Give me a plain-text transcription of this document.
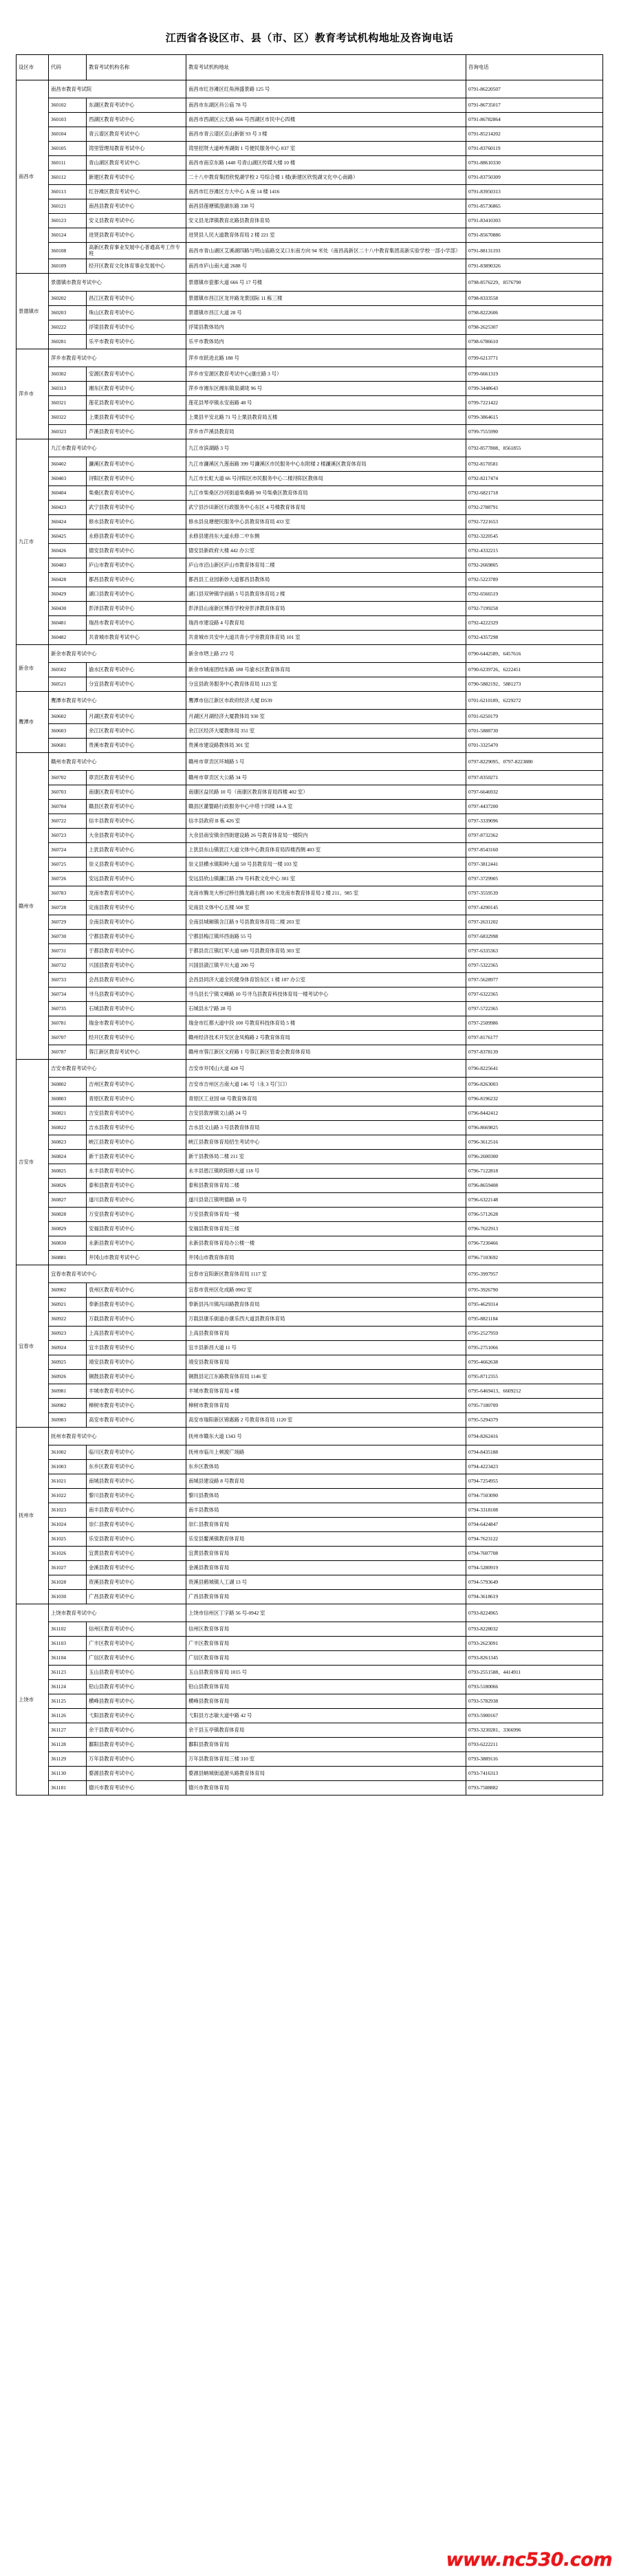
江西省各设区市、县（市、区）教育考试机构地址及咨询电话
设区市	代码	教育考试机构名称	教育考试机构地址	咨询电话
南昌市	南昌市教育考试院		南昌市红谷滩区红角洲盛景路 125 号	0791-86220507
	360102	东湖区教育考试中心	南昌市东湖区肖公庙 78 号	0791-86735017
	360103	西湖区教育考试中心	南昌市西湖区云天路 666 号西湖区市民中心四楼	0791-86782864
	360104	青云谱区教育考试中心	南昌市青云谱区京山新街 93 号 3 楼	0791-85214202
	360105	湾里管理局教育考试中心	湾里招贤大道岭秀湖街 1 号便民服务中心 837 室	0791-83760119
	360111	青山湖区教育考试中心	南昌市南京东路 1440 号青山湖区传媒大楼 10 楼	0791-88610330
	360112	新建区教育考试中心	二十八中教育集团欣悦湖学校 2 号综合楼 1 楼(新建区欣悦湖文化中心南路）	0791-83750309
	360113	红谷滩区教育考试中心	南昌市红谷滩区方大中心 A 座 14 楼 1416	0791-83950313
	360121	南昌县教育考试中心	南昌县莲塘镇澄湖东路 338 号	0791-85736865
	360123	安义县教育考试中心	安义县龙津镇教育北路县教育体育局	0791-83410303
	360124	进贤县教育考试中心	进贤县人民大道教育体育局 2 楼 221 室	0791-85670886
	360108	高新区教育事业发展中心普通高考工作专班	南昌市青山湖区艾溪湖四路与明山庙路交叉口东南方向 94 米处（南昌高新区二十八中教育集团高新实验学校一部小学部）	0791-88131193
	360109	经开区教育文化体育事业发展中心	南昌市庐山南大道 2688 号	0791-83890326
景德镇市	景德镇市教育考试中心		景德镇市瓷都大道 666 号 17 号楼	0798-8576229、8576790
	360202	昌江区教育考试中心	景德镇市昌江区龙井路龙景国际 11 栋三楼	0798-8333558
	360203	珠山区教育考试中心	景德镇市昌江大道 28 号	0798-8222606
	360222	浮梁县教育考试中心	浮梁县教体局内	0798-2625307
	360281	乐平市教育考试中心	乐平市教体局内	0798-6786610
萍乡市	萍乡市教育考试中心		萍乡市跃进北路 188 号	0799-6213771
	360302	安源区教育考试中心	萍乡市安源区教育考试中心(康庄路 3 号）	0799-6661319
	360313	湘东区教育考试中心	萍乡市湘东区湘东镇泉湖垅 96 号	0799-3448643
	360321	莲花县教育考试中心	莲花县琴亭镇永安南路 48 号	0799-7221422
	360322	上栗县教育考试中心	上栗县平安北路 71 号上栗县教育局五楼	0799-3864615
	360323	芦溪县教育考试中心	萍乡市芦溪县教育局	0799-7555990
九江市	九江市教育考试中心		九江市滨湖路 3 号	0792-8577808、8561855
	360402	濂溪区教育考试中心	九江市濂溪区九莲南路 399 号濂溪区市民服务中心东附楼 2 楼濂溪区教育体育局	0792-8170581
	360403	浔阳区教育考试中心	九江市长虹大道 66 号浔阳区市民服务中心二楼浔阳区教体局	0792-8217474
	360404	柴桑区教育考试中心	九江市柴桑区沙河街道柴桑路 90 号柴桑区教育体育局	0792-6821718
	360423	武宁县教育考试中心	武宁县沙田新区行政服务中心东区 4 号楼教育体育局	0792-2788791
	360424	修水县教育考试中心	修水县良塘便民服务中心县教育体育局 433 室	0792-7221653
	360425	永修县教育考试中心	永修县建昌东大道永修二中东侧	0792-3220545
	360426	德安县教育考试中心	德安县新政府大楼 442 办公室	0792-4332215
	360483	庐山市教育考试中心	庐山市沼山新区庐山市教育体育局二楼	0792-2669805
	360428	都昌县教育考试中心	都昌县工业园新妙大道都昌县教体局	0792-5223789
	360429	湖口县教育考试中心	湖口县双钟镇学前路 5 号县教育体育局 2 楼	0792-6566519
	360430	彭泽县教育考试中心	彭泽县山南新区博吾学校旁彭泽教育体育局	0792-7199258
	360481	瑞昌市教育考试中心	瑞昌市建设路 4 号教育局	0792-4222329
	360482	共青城市教育考试中心	共青城市共安中大道共青小学旁教育体育局 101 室	0792-4357298
新余市	新余市教育考试中心		新余市垇上路 272 号	0790-6442589、6457616
	360502	渝水区教育考试中心	新余市城南团结东路 188 号渝水区教育体育局	0790-6239726、6222451
	360521	分宜县教育考试中心	分宜县政务服务中心教育体育局 1123 室	0790-5882192、5881273
鹰潭市	鹰潭市教育考试中心		鹰潭市信江新区市政府经济大厦 D539	0701-6210189、6229272
	360602	月湖区教育考试中心	月湖区月湖经济大厦教体局 930 室	0701-6250179
	360603	余江区教育考试中心	余江区经济大厦教体局 351 室	0701-5888730
	360681	贵溪市教育考试中心	贵溪市建设路教体局 301 室	0701-3325470
赣州市	赣州市教育考试中心		赣州市章贡区环城路 5 号	0797-8229095、0797-8223880
	360702	章贡区教育考试中心	赣州市章贡区大公路 34 号	0797-8350271
	360703	南康区教育考试中心	南康区益民路 10 号（南康区教育体育局四楼 402 室）	0797-6646932
	360704	赣县区教育考试中心	赣县区灌婴路行政服务中心中塔十四楼 14-A 室	0797-4437200
	360722	信丰县教育考试中心	信丰县政府 B 栋 426 室	0797-3339096
	360723	大余县教育考试中心	大余县南安镇余西街建设路 26 号教育体育局一楼院内	0797-8732362
	360724	上犹县教育考试中心	上犹县东山镇犹江大道文体中心教育体育局四楼西侧 403 室	0797-8543160
	360725	崇义县教育考试中心	崇义县横水镇阳岭大道 50 号县教育局一楼 103 室	0797-3812441
	360726	安远县教育考试中心	安远县欣山镇濂江路 278 号科教文化中心 301 室	0797-3729905
	360783	龙南市教育考试中心	龙南市腾龙大桥过桥往腾龙路右侧 100 米龙南市教育体育局 2 楼 211、985 室	0797-3559539
	360728	定南县教育考试中心	定南县文体中心五楼 508 室	0797-4290145
	360729	全南县教育考试中心	全南县城厢镇含江路 9 号县教育体育局二楼 203 室	0797-2631202
	360730	宁都县教育考试中心	宁都县梅江镇环西南路 55 号	0797-6832998
	360731	于都县教育考试中心	于都县贡江镇红军大道 689 号县教育体育局 303 室	0797-6335363
	360732	兴国县教育考试中心	兴国县潋江镇平川大道 200 号	0797-5322365
	360733	会昌县教育考试中心	会昌县同济大道全民健身体育馆东区 1 楼 107 办公室	0797-5628977
	360734	寻乌县教育考试中心	寻乌县长宁镇文峰路 10 号寻乌县教育科技体育局一楼考试中心	0797-6322365
	360735	石城县教育考试中心	石城县永宁路 28 号	0797-5722365
	360781	瑞金市教育考试中心	瑞金市红都大道中段 100 号教育科技体育局 5 楼	0797-2509986
	360707	经开区教育考试中心	赣州经济技术开发区金凤梅路 2 号教育体育局	0797-8176177
	360787	蓉江新区教育考试中心	赣州市蓉江新区文府路 1 号蓉江新区管委会教育体育局	0797-8378139
吉安市	吉安市教育考试中心		吉安市井冈山大道 428 号	0796-8225641
	360802	吉州区教育考试中心	吉安市吉州区古南大道 146 号（永 3 号门口）	0796-8263003
	360803	青原区教育考试中心	青原区工业园 68 号教育体育局	0796-8196232
	360821	吉安县教育考试中心	吉安县敦厚镇文山路 24 号	0796-8442412
	360822	吉水县教育考试中心	吉水县文山路 3 号县教育体育局	0796-8669825
	360823	峡江县教育考试中心	峡江县教育体育局招生考试中心	0796-3612516
	360824	新干县教育考试中心	新干县教体局二楼 211 室	0796-2600300
	360825	永丰县教育考试中心	永丰县恩江镇欧阳修大道 118 号	0796-7122818
	360826	泰和县教育考试中心	泰和县教育体育局二楼	0796-8659408
	360827	遂川县教育考试中心	遂川县泉江镇明德路 18 号	0796-6322148
	360828	万安县教育考试中心	万安县教育体育局一楼	0796-5712628
	360829	安福县教育考试中心	安福县教育体育局三楼	0796-7622913
	360830	永新县教育考试中心	永新县教育体育局办公楼一楼	0796-7230466
	360881	井冈山市教育考试中心	井冈山市教育体育局	0796-7103692
宜春市	宜春市教育考试中心		宜春市宜阳新区教育体育局 1117 室	0795-3997957
	360902	袁州区教育考试中心	宜春市袁州区化成路 0902 室	0795-3926790
	360921	奉新县教育考试中心	奉新县冯川镇冯田路教育体育局	0795-4629314
	360922	万载县教育考试中心	万载县康乐街道办康乐西大道县教育体育局	0795-8821184
	360923	上高县教育考试中心	上高县教育体育局	0795-2527959
	360924	宜丰县教育考试中心	宜丰县新昌大道 11 号	0795-2751066
	360925	靖安县教育考试中心	靖安县教育体育局	0795-4662638
	360926	铜鼓县教育考试中心	铜鼓县定江东路教育体育局 1146 室	0795-8712355
	360981	丰城市教育考试中心	丰城市教育体育局 4 楼	0795-6469413、6609212
	360982	樟树市教育考试中心	樟树市教育体育局	0795-7180709
	360983	高安市教育考试中心	高安市瑞阳新区锦惠路 2 号教育体育局 1120 室	0795-5294379
抚州市	抚州市教育考试中心		抚州市赣东大道 1343 号	0794-8262416
	361002	临川区教育考试中心	抚州市临川上顿渡广场路	0794-8435188
	361003	东乡区教育考试中心	东乡区教体局	0794-4223423
	361021	南城县教育考试中心	南城县建设路 8 号教育局	0794-7254955
	361022	黎川县教育考试中心	黎川县教体局	0794-7503090
	361023	南丰县教育考试中心	南丰县教体局	0794-3318108
	361024	崇仁县教育考试中心	崇仁县教育体育局	0794-6424847
	361025	乐安县教育考试中心	乐安县鳌溪镇教育体育局	0794-7623122
	361026	宜黄县教育考试中心	宜黄县教育体育局	0794-7607708
	361027	金溪县教育考试中心	金溪县教育体育局	0794-5280919
	361028	资溪县教育考试中心	资溪县鹤城镇人工湖 13 号	0794-5793649
	361030	广昌县教育考试中心	广昌县教育体育局	0794-3618619
上饶市	上饶市教育考试中心		上饶市信州区丁字路 56 号-0942 室	0793-8224965
	361102	信州区教育考试中心	信州区教育体育局	0793-8228032
	361103	广丰区教育考试中心	广丰区教育体育局	0793-2623091
	361104	广信区教育考试中心	广信区教育体育局	0793-8261345
	361123	玉山县教育考试中心	玉山县教育体育局 1015 号	0793-2551588、4414911
	361124	铅山县教育考试中心	铅山县教育体育局	0793-5180066
	361125	横峰县教育考试中心	横峰县教育体育局	0793-5782938
	361126	弋阳县教育考试中心	弋阳县方志敏大道中路 42 号	0793-5900167
	361127	余干县教育考试中心	余干县玉亭镇教育体育局	0793-3230281、3366996
	361128	鄱阳县教育考试中心	鄱阳县教育体育局	0793-6222211
	361129	万年县教育考试中心	万年县教育体育局三楼 310 室	0793-3889116
	361130	婺源县教育考试中心	婺源县蚺城街道源头路教育体育局	0793-7416313
	361181	德兴市教育考试中心	德兴市教育体育局	0793-7588882
www.nc530.com
